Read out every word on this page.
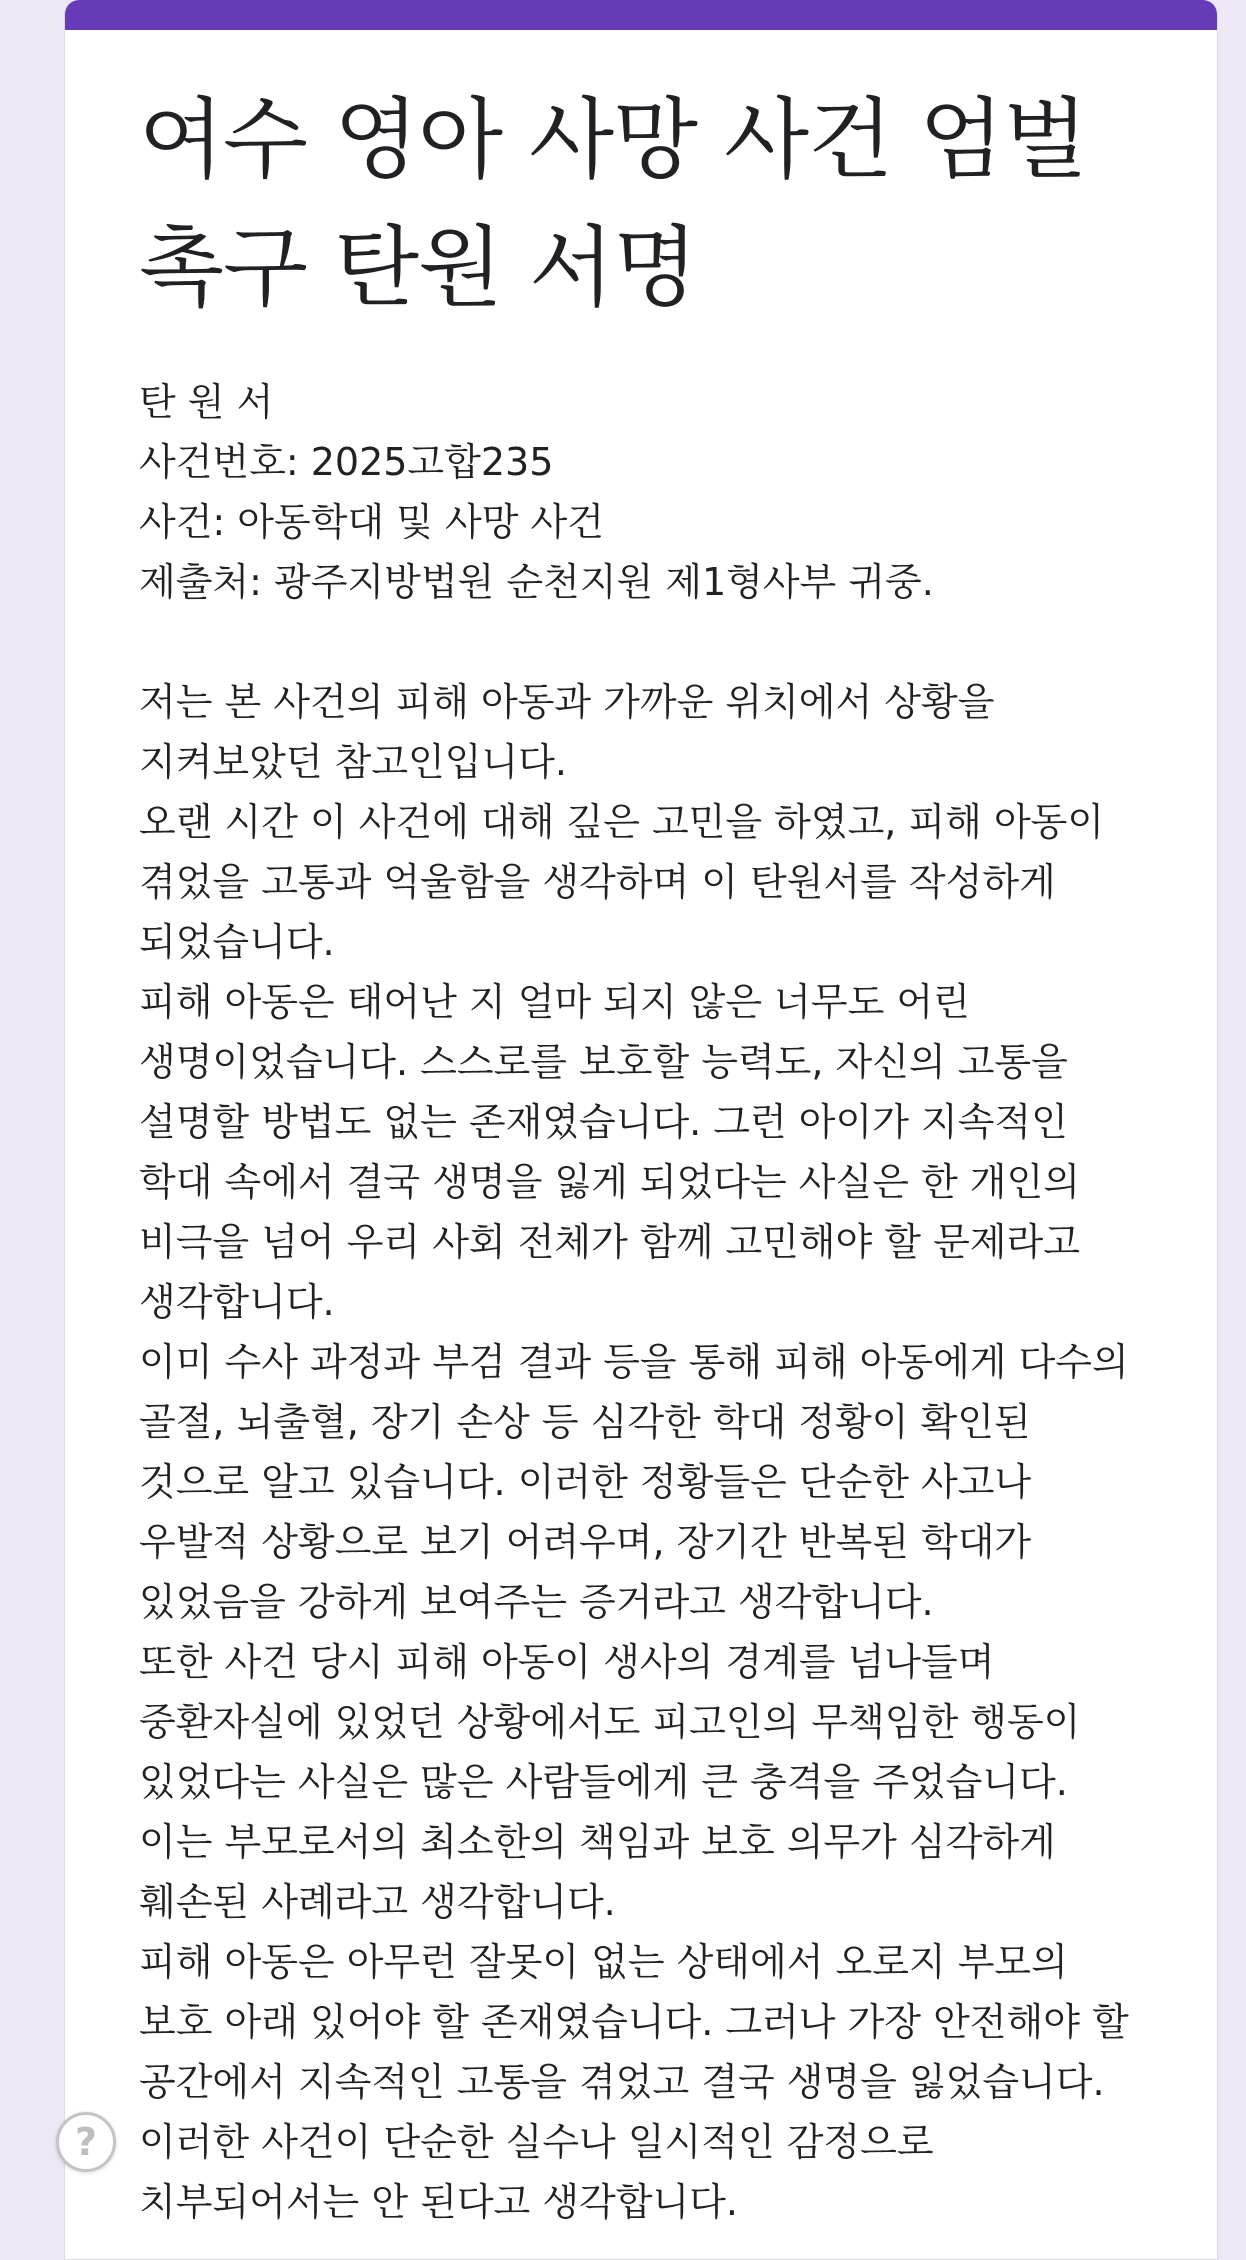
여수 영아 사망 사건 엄벌 촉구 탄원 서명
탄 원 서
사건번호: 2025고합235
사건: 아동학대 및 사망 사건
제출처: 광주지방법원 순천지원 제1형사부 귀중.

저는 본 사건의 피해 아동과 가까운 위치에서 상황을 지켜보았던 참고인입니다.
오랜 시간 이 사건에 대해 깊은 고민을 하였고, 피해 아동이 겪었을 고통과 억울함을 생각하며 이 탄원서를 작성하게 되었습니다.
피해 아동은 태어난 지 얼마 되지 않은 너무도 어린 생명이었습니다. 스스로를 보호할 능력도, 자신의 고통을 설명할 방법도 없는 존재였습니다. 그런 아이가 지속적인 학대 속에서 결국 생명을 잃게 되었다는 사실은 한 개인의 비극을 넘어 우리 사회 전체가 함께 고민해야 할 문제라고 생각합니다.
이미 수사 과정과 부검 결과 등을 통해 피해 아동에게 다수의 골절, 뇌출혈, 장기 손상 등 심각한 학대 정황이 확인된 것으로 알고 있습니다. 이러한 정황들은 단순한 사고나 우발적 상황으로 보기 어려우며, 장기간 반복된 학대가 있었음을 강하게 보여주는 증거라고 생각합니다.
또한 사건 당시 피해 아동이 생사의 경계를 넘나들며 중환자실에 있었던 상황에서도 피고인의 무책임한 행동이 있었다는 사실은 많은 사람들에게 큰 충격을 주었습니다. 이는 부모로서의 최소한의 책임과 보호 의무가 심각하게 훼손된 사례라고 생각합니다.
피해 아동은 아무런 잘못이 없는 상태에서 오로지 부모의 보호 아래 있어야 할 존재였습니다. 그러나 가장 안전해야 할 공간에서 지속적인 고통을 겪었고 결국 생명을 잃었습니다.
이러한 사건이 단순한 실수나 일시적인 감정으로 치부되어서는 안 된다고 생각합니다.
?
